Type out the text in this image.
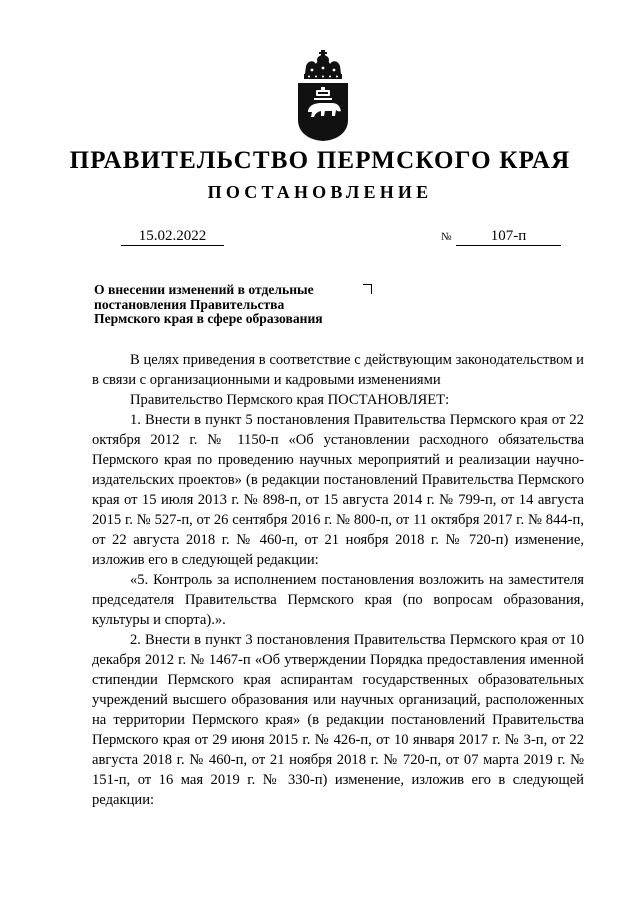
ПРАВИТЕЛЬСТВО ПЕРМСКОГО КРАЯ
ПОСТАНОВЛЕНИЕ
15.02.2022	№	107-п
О внесении изменений в отдельные
постановления Правительства
Пермского края в сфере образования

В целях приведения в соответствие с действующим законодательством и в связи с организационными и кадровыми изменениями

Правительство Пермского края ПОСТАНОВЛЯЕТ:

1. Внести в пункт 5 постановления Правительства Пермского края от 22 октября 2012 г. № 1150-п «Об установлении расходного обязательства Пермского края по проведению научных мероприятий и реализации научно-издательских проектов» (в редакции постановлений Правительства Пермского края от 15 июля 2013 г. № 898-п, от 15 августа 2014 г. № 799-п, от 14 августа 2015 г. № 527-п, от 26 сентября 2016 г. № 800-п, от 11 октября 2017 г. № 844-п, от 22 августа 2018 г. № 460-п, от 21 ноября 2018 г. № 720-п) изменение, изложив его в следующей редакции:

«5. Контроль за исполнением постановления возложить на заместителя председателя Правительства Пермского края (по вопросам образования, культуры и спорта).».

2. Внести в пункт 3 постановления Правительства Пермского края от 10 декабря 2012 г. № 1467-п «Об утверждении Порядка предоставления именной стипендии Пермского края аспирантам государственных образовательных учреждений высшего образования или научных организаций, расположенных на территории Пермского края» (в редакции постановлений Правительства Пермского края от 29 июня 2015 г. № 426-п, от 10 января 2017 г. № 3-п, от 22 августа 2018 г. № 460-п, от 21 ноября 2018 г. № 720-п, от 07 марта 2019 г. № 151-п, от 16 мая 2019 г. № 330-п) изменение, изложив его в следующей редакции:
